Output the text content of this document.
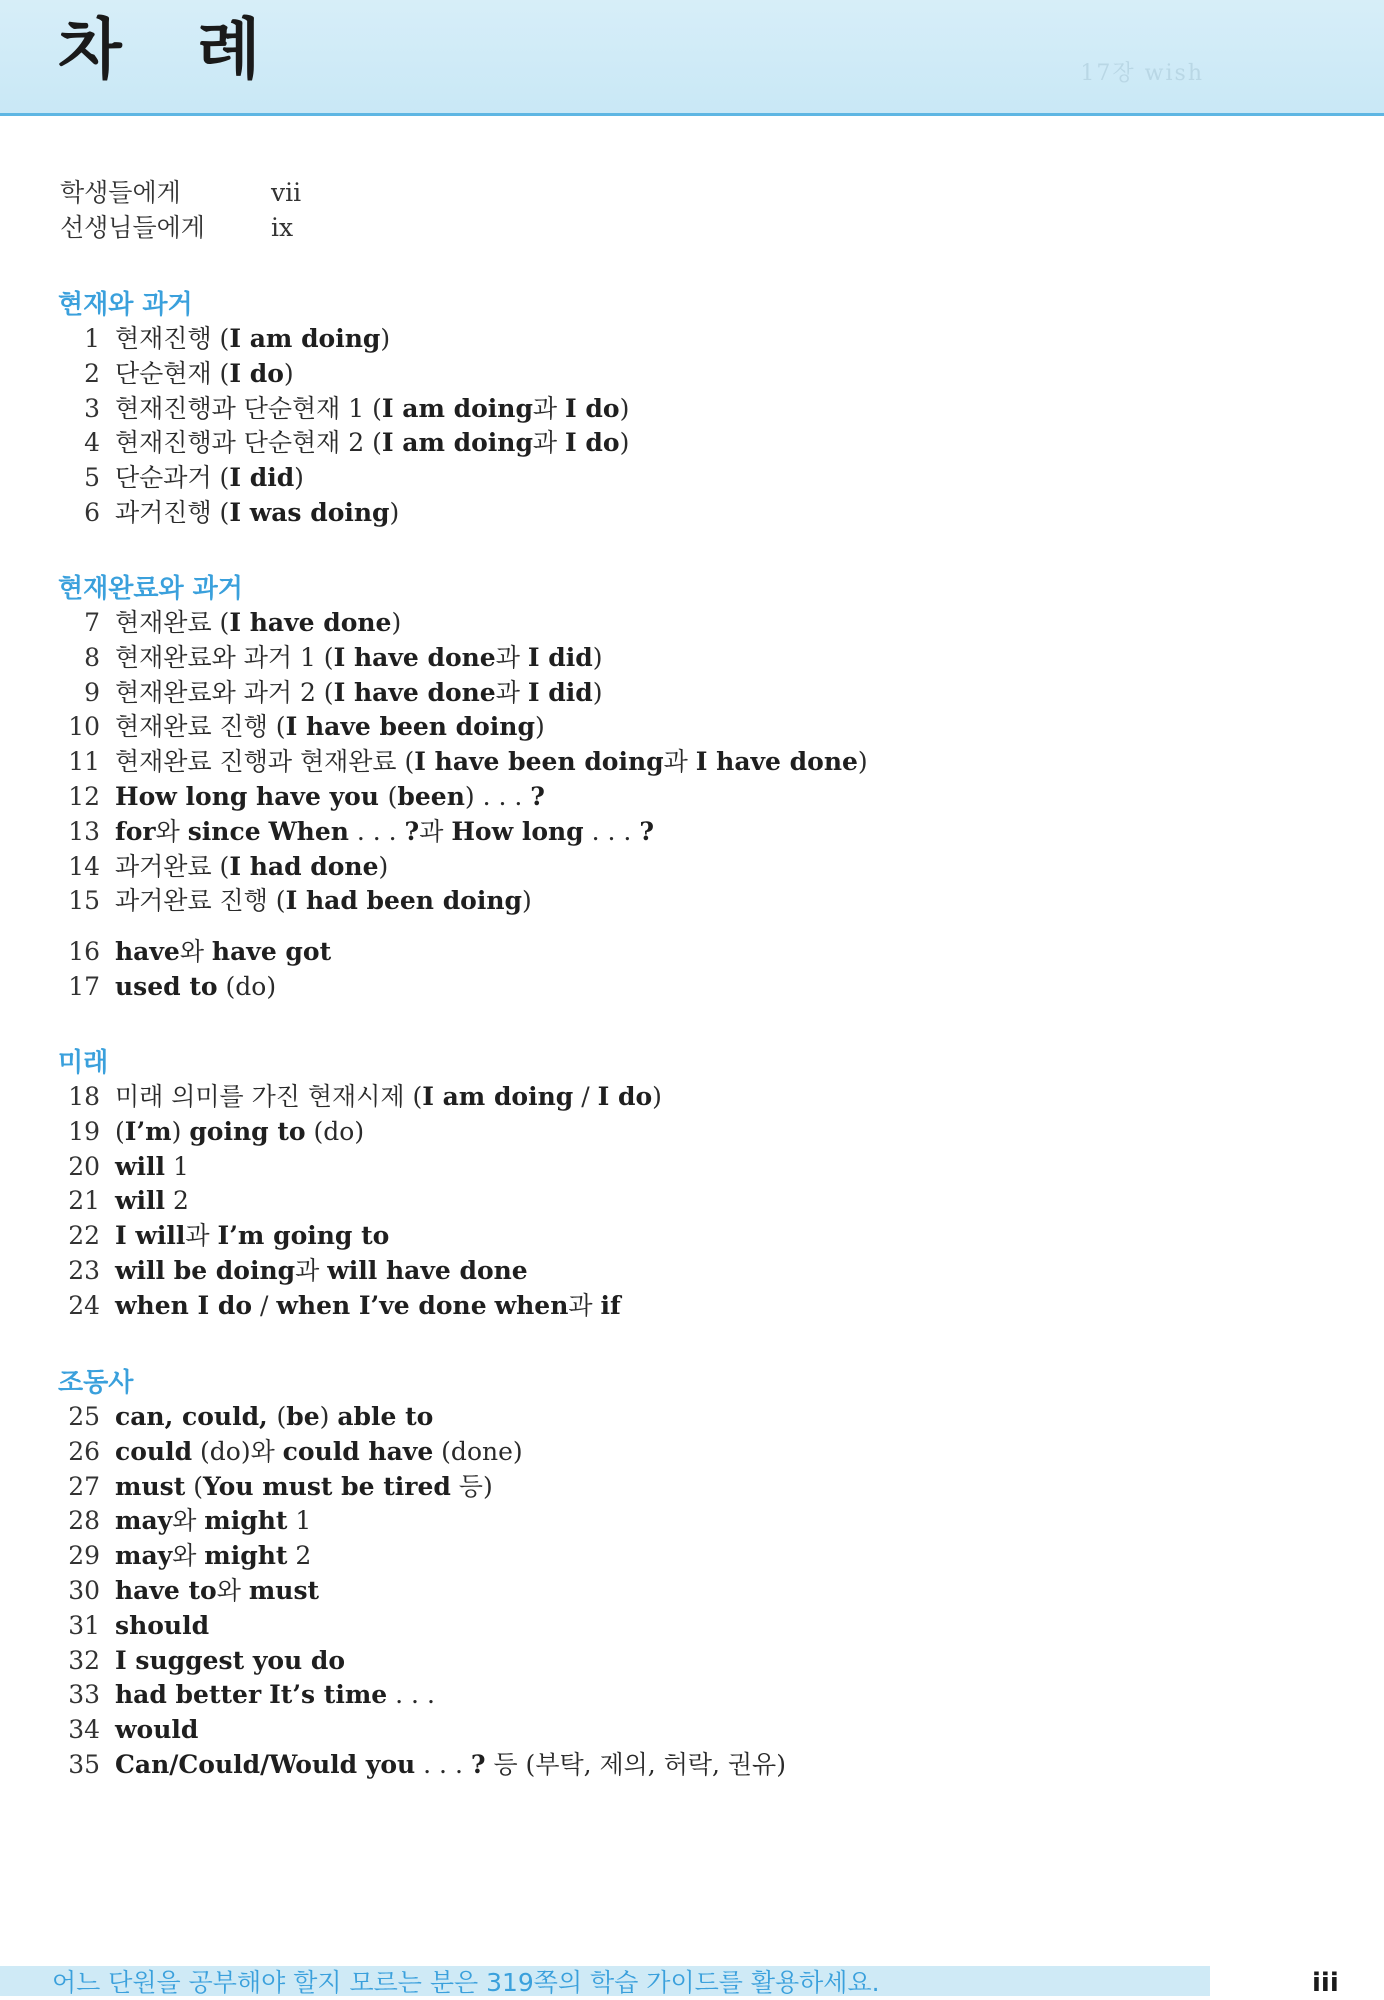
17장 wish
차 례
학생들에게	vii
선생님들에게	ix
현재와 과거
1 현재진행 (I am doing)
2 단순현재 (I do)
3 현재진행과 단순현재 1 (I am doing과 I do)
4 현재진행과 단순현재 2 (I am doing과 I do)
5 단순과거 (I did)
6 과거진행 (I was doing)
현재완료와 과거
7 현재완료 (I have done)
8 현재완료와 과거 1 (I have done과 I did)
9 현재완료와 과거 2 (I have done과 I did)
10 현재완료 진행 (I have been doing)
11 현재완료 진행과 현재완료 (I have been doing과 I have done)
12 How long have you (been) . . . ?
13 for와 since When . . . ?과 How long . . . ?
14 과거완료 (I had done)
15 과거완료 진행 (I had been doing)
16 have와 have got
17 used to (do)
미래
18 미래 의미를 가진 현재시제 (I am doing / I do)
19 (I’m) going to (do)
20 will 1
21 will 2
22 I will과 I’m going to
23 will be doing과 will have done
24 when I do / when I’ve done when과 if
조동사
25 can, could, (be) able to
26 could (do)와 could have (done)
27 must (You must be tired 등)
28 may와 might 1
29 may와 might 2
30 have to와 must
31 should
32 I suggest you do
33 had better It’s time . . .
34 would
35 Can/Could/Would you . . . ? 등 (부탁, 제의, 허락, 권유)
어느 단원을 공부해야 할지 모르는 분은 319쪽의 학습 가이드를 활용하세요.	iii
